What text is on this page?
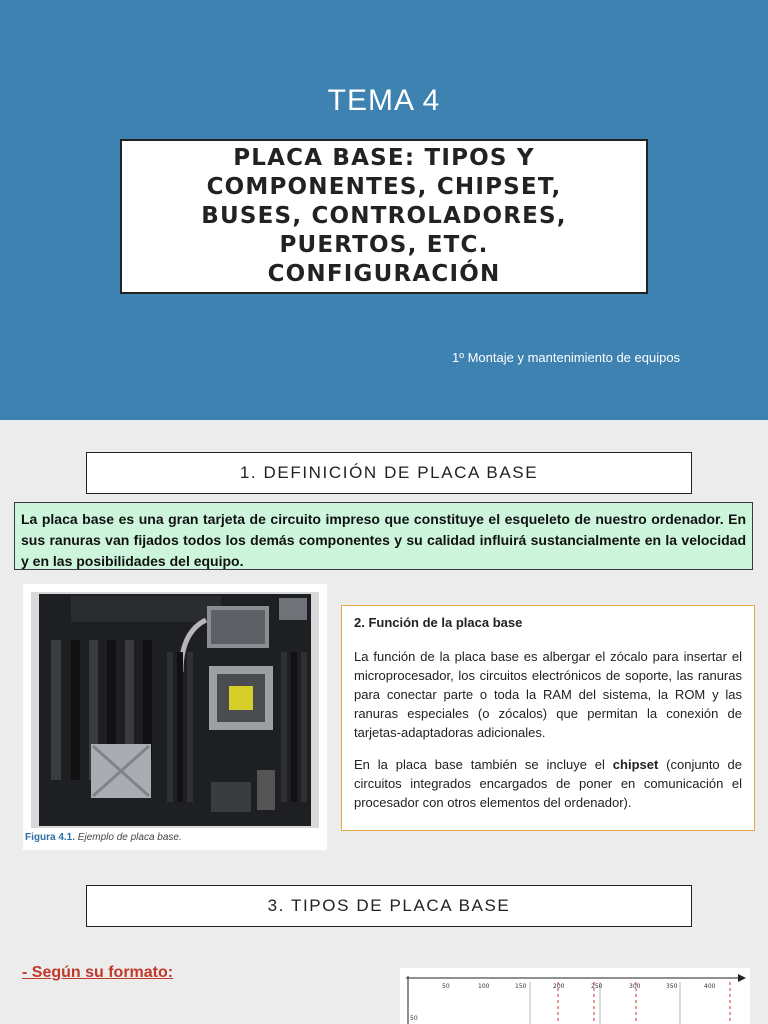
TEMA 4
PLACA BASE: TIPOS Y
COMPONENTES, CHIPSET,
BUSES, CONTROLADORES,
PUERTOS, ETC.
CONFIGURACIÓN
1º Montaje y mantenimiento de equipos
1. DEFINICIÓN DE PLACA BASE
La placa base es una gran tarjeta de circuito impreso que constituye el esqueleto de nuestro ordenador. En sus ranuras van fijados todos los demás componentes y su calidad influirá sustancialmente en la velocidad y en las posibilidades del equipo.
Figura 4.1. Ejemplo de placa base.
2. Función de la placa base

La función de la placa base es albergar el zócalo para insertar el microprocesador, los circuitos electrónicos de soporte, las ranuras para conectar parte o toda la RAM del sistema, la ROM y las ranuras especiales (o zócalos) que permitan la conexión de tarjetas-adaptadoras adicionales.

En la placa base también se incluye el chipset (conjunto de circuitos integrados encargados de poner en comunicación el procesador con otros elementos del ordenador).

3. TIPOS DE PLACA BASE
- Según su formato:
50	100	150	200	250	300	350	400
50
